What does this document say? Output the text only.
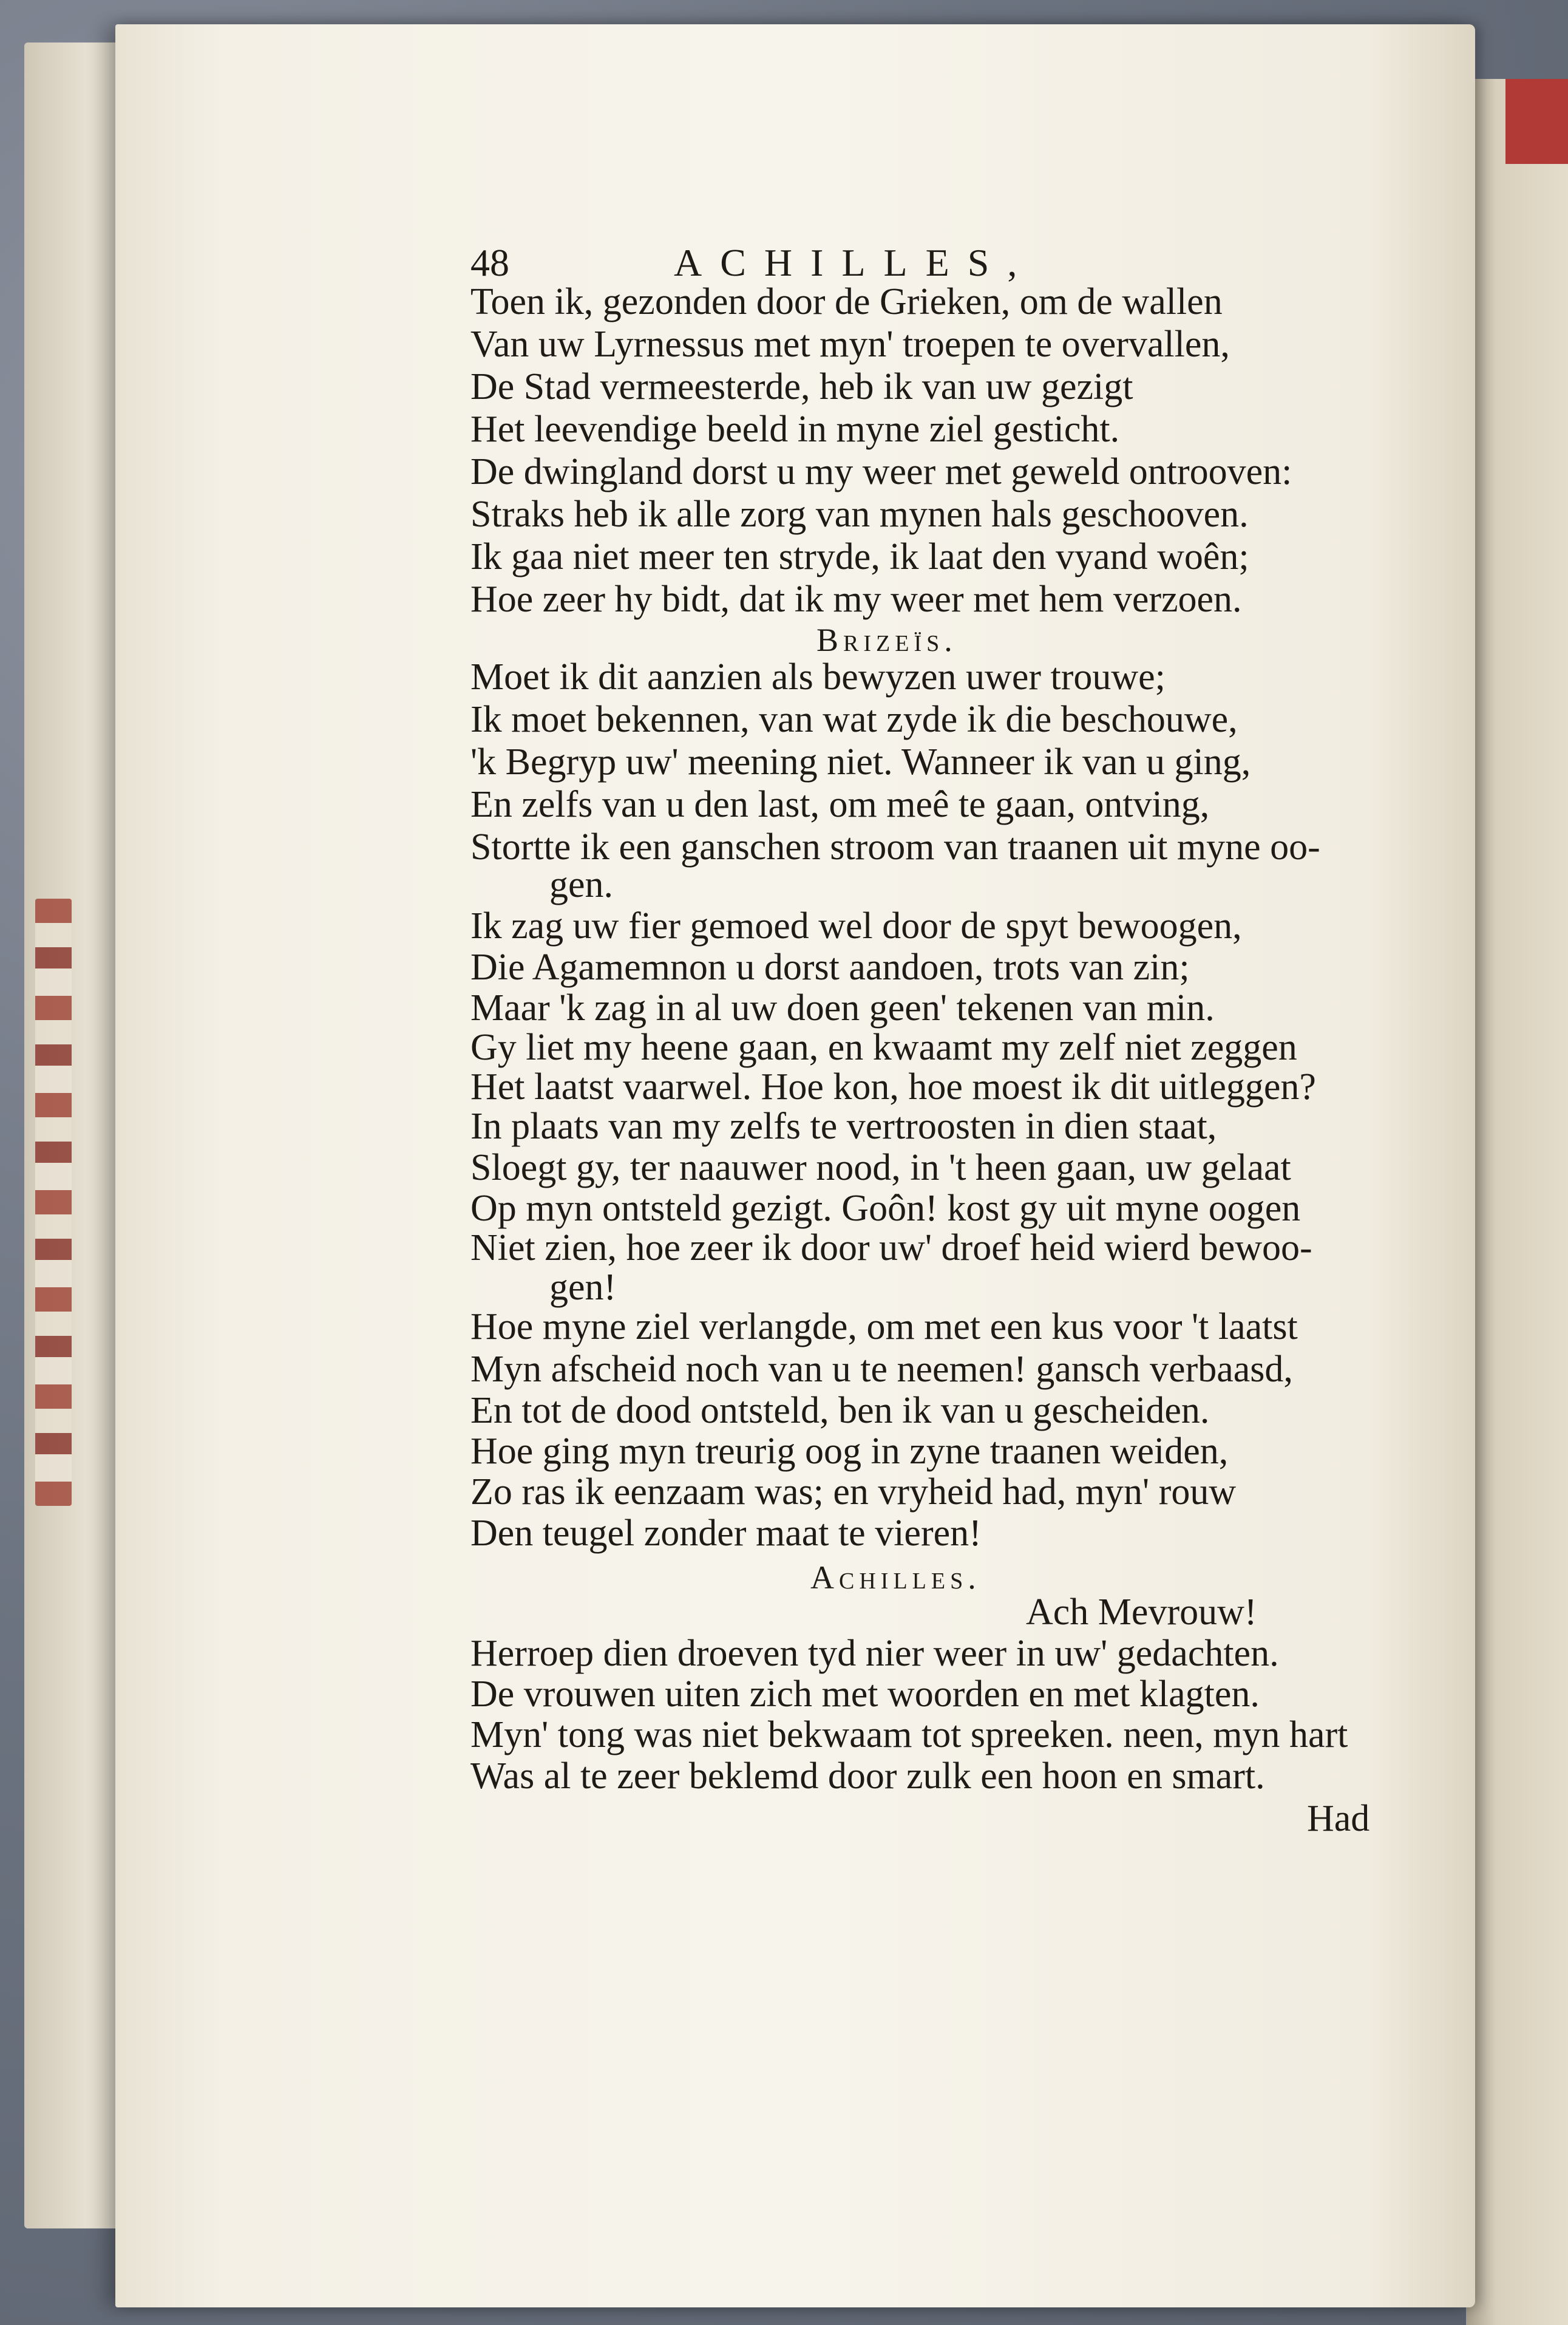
48	ACHILLES,
Toen ik, gezonden door de Grieken, om de wallen
Van uw Lyrnessus met myn' troepen te overvallen,
De Stad vermeesterde, heb ik van uw gezigt
Het leevendige beeld in myne ziel gesticht.
De dwingland dorst u my weer met geweld ontrooven:
Straks heb ik alle zorg van mynen hals geschooven.
Ik gaa niet meer ten stryde, ik laat den vyand woên;
Hoe zeer hy bidt, dat ik my weer met hem verzoen.
Brizeïs.
Moet ik dit aanzien als bewyzen uwer trouwe;
Ik moet bekennen, van wat zyde ik die beschouwe,
'k Begryp uw' meening niet. Wanneer ik van u ging,
En zelfs van u den last, om meê te gaan, ontving,
Stortte ik een ganschen stroom van traanen uit myne oo-
gen.
Ik zag uw fier gemoed wel door de spyt bewoogen,
Die Agamemnon u dorst aandoen, trots van zin;
Maar 'k zag in al uw doen geen' tekenen van min.
Gy liet my heene gaan, en kwaamt my zelf niet zeggen
Het laatst vaarwel. Hoe kon, hoe moest ik dit uitleggen?
In plaats van my zelfs te vertroosten in dien staat,
Sloegt gy, ter naauwer nood, in 't heen gaan, uw gelaat
Op myn ontsteld gezigt. Goôn! kost gy uit myne oogen
Niet zien, hoe zeer ik door uw' droef heid wierd bewoo-
gen!
Hoe myne ziel verlangde, om met een kus voor 't laatst
Myn afscheid noch van u te neemen! gansch verbaasd,
En tot de dood ontsteld, ben ik van u gescheiden.
Hoe ging myn treurig oog in zyne traanen weiden,
Zo ras ik eenzaam was; en vryheid had, myn' rouw
Den teugel zonder maat te vieren!
Achilles.
Ach Mevrouw!
Herroep dien droeven tyd nier weer in uw' gedachten.
De vrouwen uiten zich met woorden en met klagten.
Myn' tong was niet bekwaam tot spreeken. neen, myn hart
Was al te zeer beklemd door zulk een hoon en smart.
Had
